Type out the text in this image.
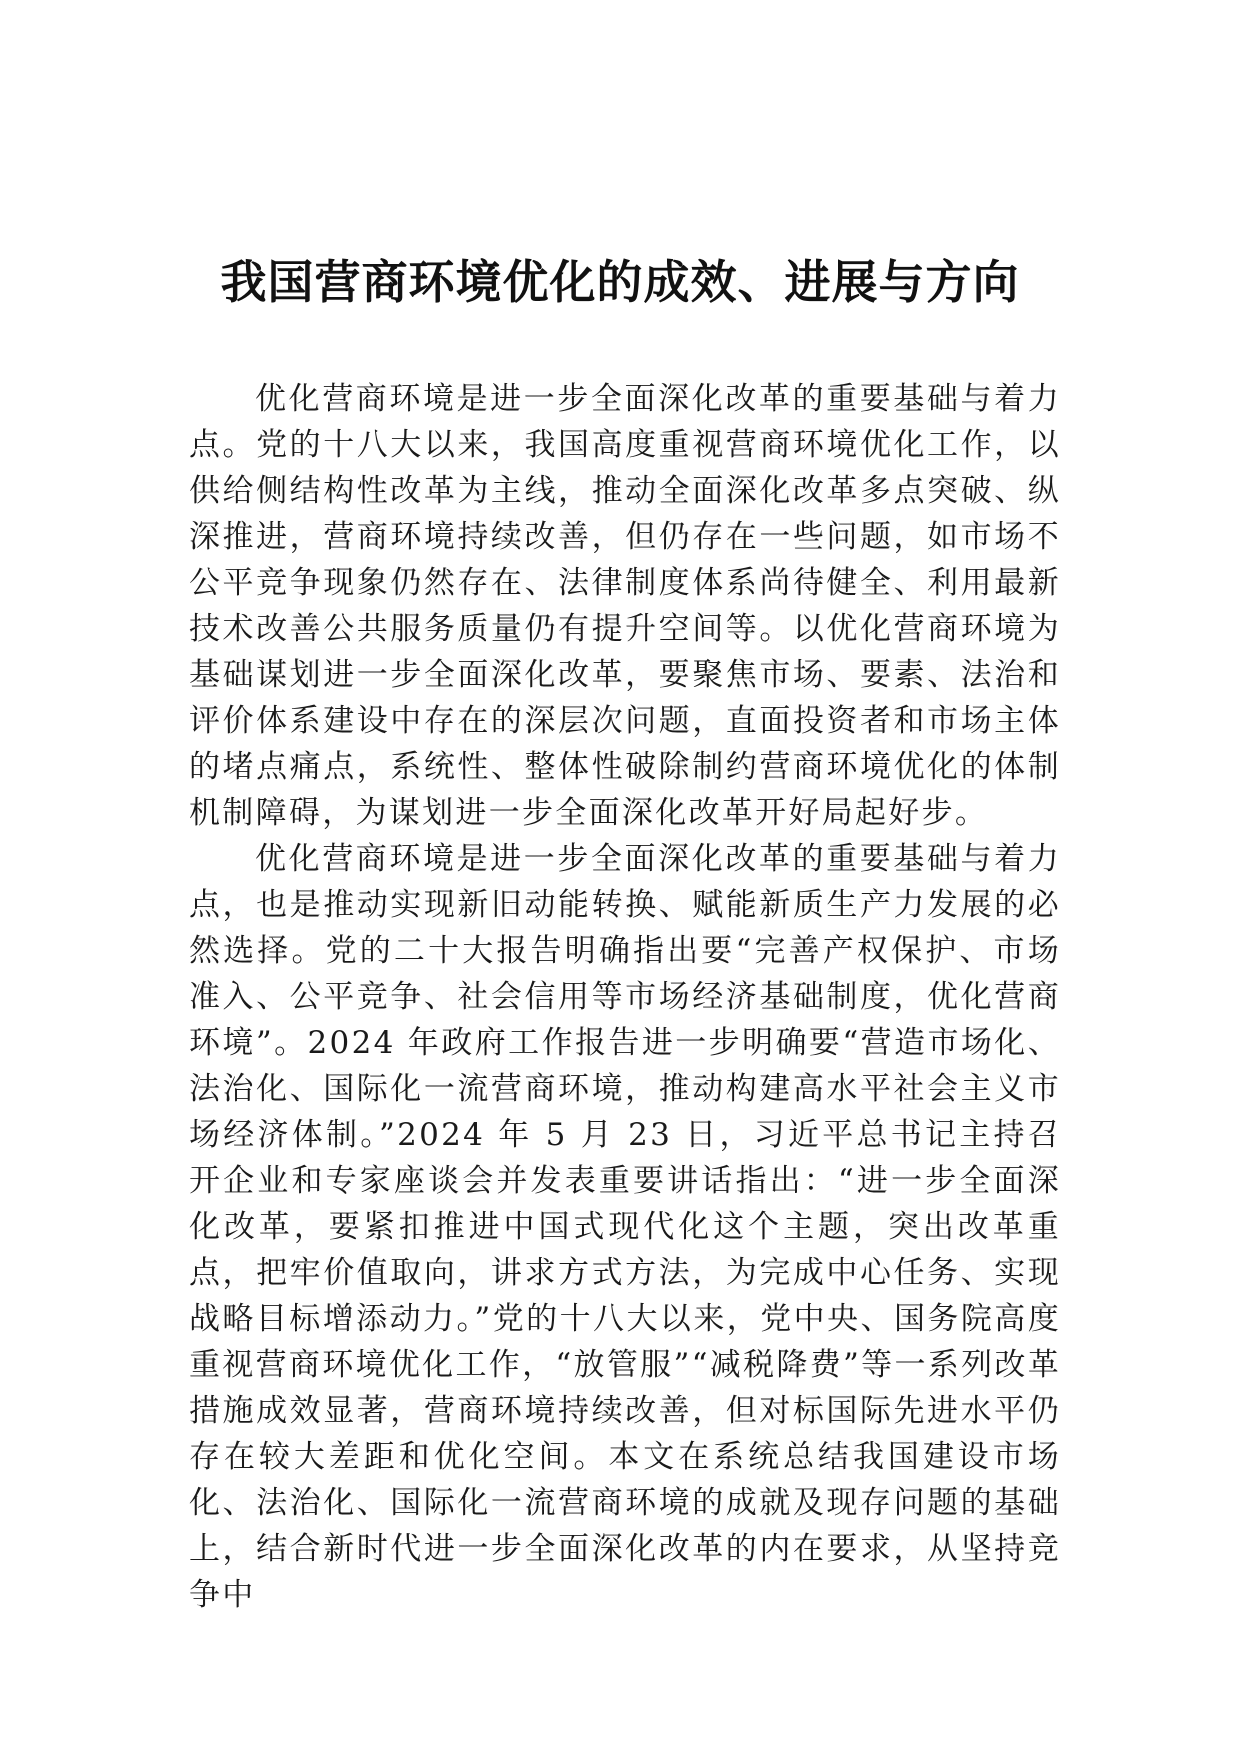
我国营商环境优化的成效、进展与方向

优化营商环境是进一步全面深化改革的重要基础与着力点。党的十八大以来，我国高度重视营商环境优化工作，以供给侧结构性改革为主线，推动全面深化改革多点突破、纵深推进，营商环境持续改善，但仍存在一些问题，如市场不公平竞争现象仍然存在、法律制度体系尚待健全、利用最新技术改善公共服务质量仍有提升空间等。以优化营商环境为基础谋划进一步全面深化改革，要聚焦市场、要素、法治和评价体系建设中存在的深层次问题，直面投资者和市场主体的堵点痛点，系统性、整体性破除制约营商环境优化的体制机制障碍，为谋划进一步全面深化改革开好局起好步。

优化营商环境是进一步全面深化改革的重要基础与着力点，也是推动实现新旧动能转换、赋能新质生产力发展的必然选择。党的二十大报告明确指出要“完善产权保护、市场准入、公平竞争、社会信用等市场经济基础制度，优化营商环境”。2024 年政府工作报告进一步明确要“营造市场化、法治化、国际化一流营商环境，推动构建高水平社会主义市场经济体制。”2024 年 5 月 23 日，习近平总书记主持召开企业和专家座谈会并发表重要讲话指出：“进一步全面深化改革，要紧扣推进中国式现代化这个主题，突出改革重点，把牢价值取向，讲求方式方法，为完成中心任务、实现战略目标增添动力。”党的十八大以来，党中央、国务院高度重视营商环境优化工作，“放管服”“减税降费”等一系列改革措施成效显著，营商环境持续改善，但对标国际先进水平仍存在较大差距和优化空间。本文在系统总结我国建设市场化、法治化、国际化一流营商环境的成就及现存问题的基础上，结合新时代进一步全面深化改革的内在要求，从坚持竞争中
